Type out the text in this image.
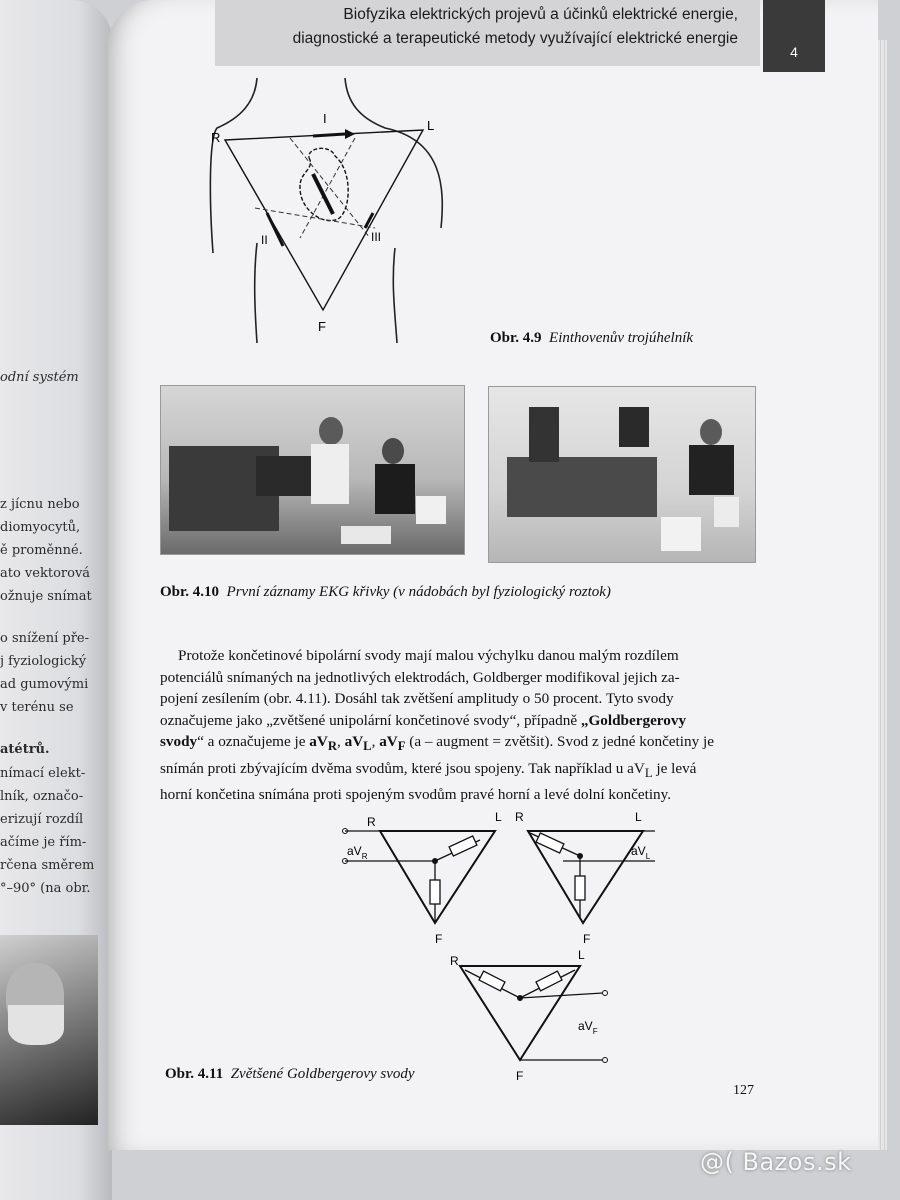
odní systém
z jícnu nebo
diomyocytů,
ě proměnné.
ato vektorová
ožnuje snímat
o snížení pře-
j fyziologický
ad gumovými
v terénu se
atétrů.
nímací elekt-
lník, označo-
erizují rozdíl
ačíme je řím-
rčena směrem
°–90° (na obr.
Biofyzika elektrických projevů a účinků elektrické energie,
diagnostické a terapeutické metody využívající elektrické energie
4
R
L
F
I
II	III
Obr. 4.9 Einthovenův trojúhelník
Obr. 4.10 První záznamy EKG křivky (v nádobách byl fyziologický roztok)
Protože končetinové bipolární svody mají malou výchylku danou malým rozdílem
potenciálů snímaných na jednotlivých elektrodách, Goldberger modifikoval jejich za-
pojení zesílením (obr. 4.11). Dosáhl tak zvětšení amplitudy o 50 procent. Tyto svody
označujeme jako „zvětšené unipolární končetinové svody“, případně „Goldbergerovy
svody“ a označujeme je $aV_R$, $aV_L$, $aV_F$ (a – augment = zvětšit). Svod z jedné končetiny je
snímán proti zbývajícím dvěma svodům, které jsou spojeny. Tak například u $aV_L$ je levá
horní končetina snímána proti spojeným svodům pravé horní a levé dolní končetiny.
R	L
F
$aV_R$
R	L
F
$aV_L$
R	L
F
$aV_F$
Obr. 4.11 Zvětšené Goldbergerovy svody
127
@( Bazos.sk
